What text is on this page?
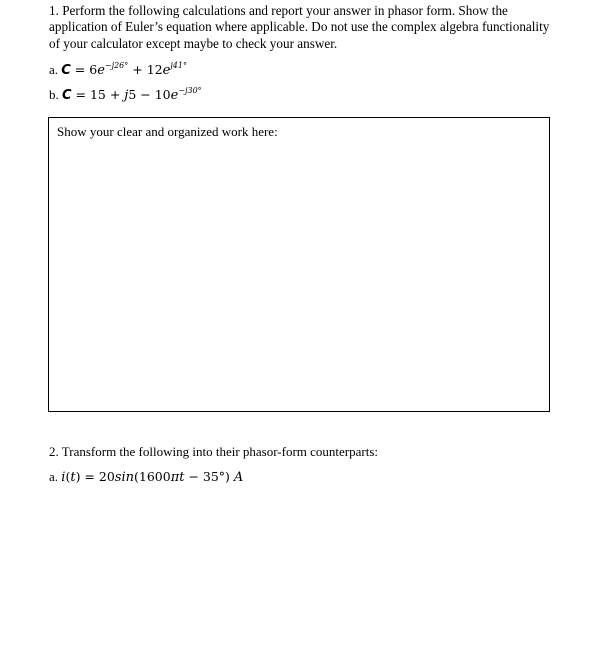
1. Perform the following calculations and report your answer in phasor form. Show the application of Euler’s equation where applicable. Do not use the complex algebra functionality of your calculator except maybe to check your answer.
a. $C = 6e^{-j26^\circ} + 12e^{j41^\circ}$
b. $C = 15 + j5 - 10e^{-j30^\circ}$
Show your clear and organized work here:
2. Transform the following into their phasor-form counterparts:
a. i(t) = 20sin(1600πt − 35°) A
